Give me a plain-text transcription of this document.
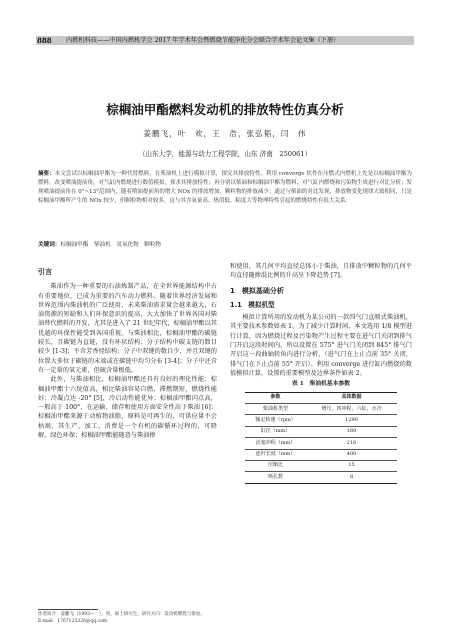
888 内燃机科技——中国内燃机学会 2017 年学术年会暨燃烧节能净化分会联合学术年会论文集（下册）
棕榈油甲酯燃料发动机的排放特性仿真分析
姜鹏飞，叶　欢，王　浩，张弘韬，闫　伟
（山东大学，能源与动力工程学院，山东 济南　250061）
摘要：本文尝试以棕榈油甲酯为一种代替燃料，在柴油机上进行模拟计算，探究其排放特性。利用 converge 软件在压燃式内燃机上先是以棕榈油甲酯为燃料，改变喷油提前角，对气缸内燃烧进行数值模拟，探求其排放特性；再分别以柴油和棕榈油甲酯为燃料，对气缸内燃烧和污染物生成进行对比分析；发现喷油提前角在 0°~13°范围内，随着喷油提前角的增大 NOx 的排放增加，颗粒物的排放减少；通过与柴油的对比发现，排放物变化规律大致相同，只是棕榈油甲酯所产生的 NOx 较少，但颗粒物相对较多，这与其含氧量高、热值低、粘度大等物理特性引起的燃烧特性有很大关系。
关键词：棕榈油甲酯　柴油机　氢氧化物　颗粒物
引言

柴油作为一种重要的石油炼制产品，在全世界能源结构中占有重要地位，已成为重要的汽车动力燃料。随着世界经济发展和世界范围内柴油机的广泛使用，未来柴油需求量会越来越大，石油资源的短缺和人们环保意识的提高，大大加快了世界各国对柴油替代燃料的开发，尤其是进入了 21 世纪年代，棕榈油甲酯以其优越的环保性能受到各国重视。与柴油相比，棕榈油甲酯的碳链较长，且碳链为直链，没有环状结构；分子结构中碳支链的数目较少 [1-3]；不含芳香烃结构；分子中双键的数目少，并且双键的位置大多位于碳链的末端或在碳链中均匀分布 [3-4]；分子中还含有一定量的氧元素，但硫含量极低。

此外，与柴油相比，棕榈油甲酯还具有良好的理化性能；棕榈油甲酯十六烷值高，相比柴油容易自燃，滞燃期短，燃烧性能好；冷凝点达 -20° [5]，冷启动性能优异；棕榈油甲酯闪点高，一般高于 100°，在运输、储存和使用方面安全性高于柴油 [6]；棕榈油甲酯来源于动植物油脂，原料是可再生的，可供应量不会枯竭，其生产、加工、消费是一个有机的碳循环过程的，可降解，绿色环保；棕榈油甲酯能随意与柴油掺

和使用，其几何平均直径总体小于柴油，且排放中颗粒物的几何平均直径随掺混比例的升高呈下降趋势 [7]。

1　模拟基础分析
1.1　模拟机型

模拟计算所用的发动机为某公司的一款四气门直喷式柴油机，其主要技术参数如表 1。为了减少计算时间，本文选用 1/8 模型进行计算，因为燃烧过程及污染物产生过程主要在进气门关闭到排气门开启这段时间内，所以设置在 575° 进气门关闭到 845° 排气门开启这一段曲轴转角内进行分析，（进气门在上止点前 35° 关闭，排气门在下止点前 55° 开启）。利用 converge 进行缸内燃烧的数值模拟计算，设置的重要模型及边界条件如表 2。

表 1　柴油机基本参数
参数	具体数据
柴油机类型	增压，四冲程，六缸，水冷
额定转速（rpm）	1290
缸径（mm）	160
活塞冲程（mm）	216
连杆长度（mm）	400
压缩比	15
喷孔数	8
作者简介：姜鹏飞（1993—　），男，硕士研究生，研究方向：发动机燃烧与排放。
E-mail：1767125326@qq.com
